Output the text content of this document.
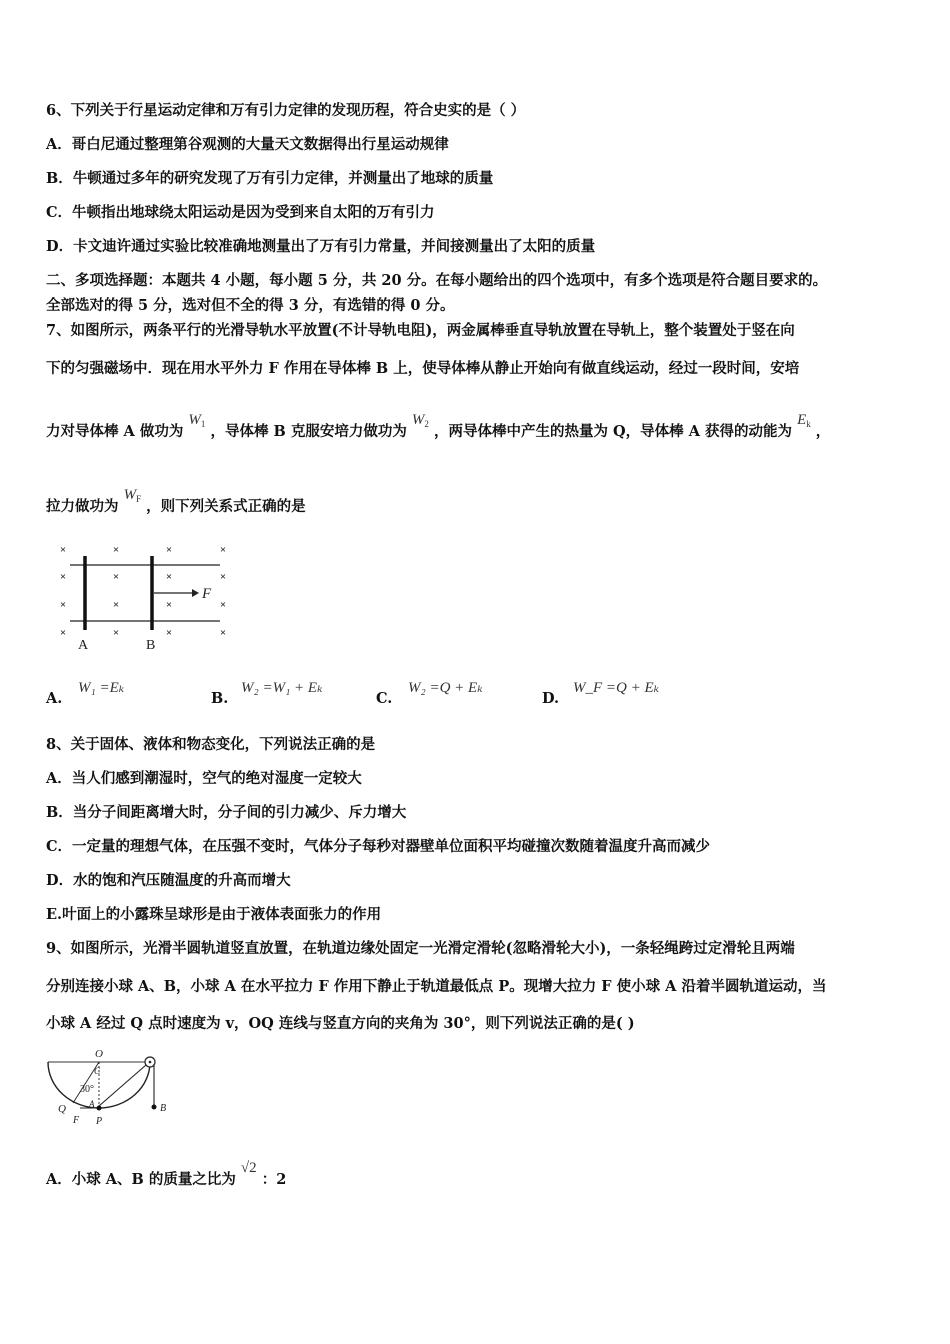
6、下列关于行星运动定律和万有引力定律的发现历程，符合史实的是（ ）
A．哥白尼通过整理第谷观测的大量天文数据得出行星运动规律
B．牛顿通过多年的研究发现了万有引力定律，并测量出了地球的质量
C．牛顿指出地球绕太阳运动是因为受到来自太阳的万有引力
D．卡文迪许通过实验比较准确地测量出了万有引力常量，并间接测量出了太阳的质量
二、多项选择题：本题共 4 小题，每小题 5 分，共 20 分。在每小题给出的四个选项中，有多个选项是符合题目要求的。
全部选对的得 5 分，选对但不全的得 3 分，有选错的得 0 分。
7、如图所示，两条平行的光滑导轨水平放置(不计导轨电阻)，两金属棒垂直导轨放置在导轨上，整个装置处于竖在向
下的匀强磁场中．现在用水平外力 F 作用在导体棒 B 上，使导体棒从静止开始向有做直线运动，经过一段时间，安培
力对导体棒 A 做功为 $W_1$ ，导体棒 B 克服安培力做功为 $W_2$ ，两导体棒中产生的热量为 Q，导体棒 A 获得的动能为 $E_k$ ，
拉力做功为 $W_F$ ，则下列关系式正确的是
×	×	×	×
×	×	×	×
×	×	×	×
×	×	×	×
F
A	B
A.
W₁ =Eₖ
B.
W₂ =W₁ + Eₖ
C.
W₂ =Q + Eₖ
D.
W_F =Q + Eₖ
8、关于固体、液体和物态变化，下列说法正确的是
A．当人们感到潮湿时，空气的绝对湿度一定较大
B．当分子间距离增大时，分子间的引力减少、斥力增大
C．一定量的理想气体，在压强不变时，气体分子每秒对器壁单位面积平均碰撞次数随着温度升高而减少
D．水的饱和汽压随温度的升高而增大
E.叶面上的小露珠呈球形是由于液体表面张力的作用
9、如图所示，光滑半圆轨道竖直放置，在轨道边缘处固定一光滑定滑轮(忽略滑轮大小)，一条轻绳跨过定滑轮且两端
分别连接小球 A、B，小球 A 在水平拉力 F 作用下静止于轨道最低点 P。现增大拉力 F 使小球 A 沿着半圆轨道运动，当
小球 A 经过 Q 点时速度为 v，OQ 连线与竖直方向的夹角为 30°，则下列说法正确的是( )
O
C
30°
Q	A
F P
B
A．小球 A、B 的质量之比为 √2 ：2
